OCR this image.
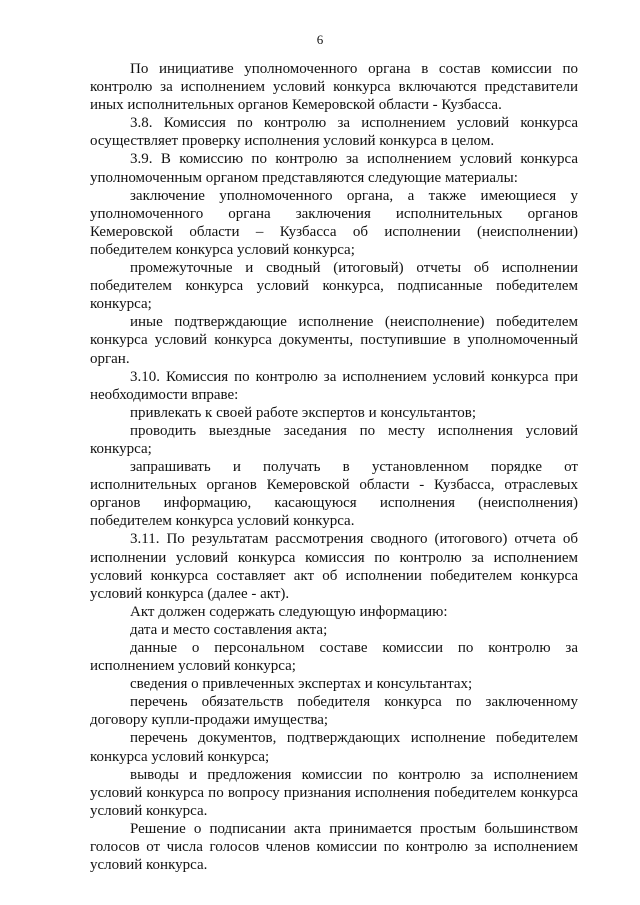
6

По инициативе уполномоченного органа в состав комиссии по контролю за исполнением условий конкурса включаются представители иных исполнительных органов Кемеровской области - Кузбасса.

3.8. Комиссия по контролю за исполнением условий конкурса осуществляет проверку исполнения условий конкурса в целом.

3.9. В комиссию по контролю за исполнением условий конкурса уполномоченным органом представляются следующие материалы:

заключение уполномоченного органа, а также имеющиеся у уполномоченного органа заключения исполнительных органов Кемеровской области – Кузбасса об исполнении (неисполнении) победителем конкурса условий конкурса;

промежуточные и сводный (итоговый) отчеты об исполнении победителем конкурса условий конкурса, подписанные победителем конкурса;

иные подтверждающие исполнение (неисполнение) победителем конкурса условий конкурса документы, поступившие в уполномоченный орган.

3.10. Комиссия по контролю за исполнением условий конкурса при необходимости вправе:

привлекать к своей работе экспертов и консультантов;

проводить выездные заседания по месту исполнения условий конкурса;

запрашивать и получать в установленном порядке от исполнительных органов Кемеровской области - Кузбасса, отраслевых органов информацию, касающуюся исполнения (неисполнения) победителем конкурса условий конкурса.

3.11. По результатам рассмотрения сводного (итогового) отчета об исполнении условий конкурса комиссия по контролю за исполнением условий конкурса составляет акт об исполнении победителем конкурса условий конкурса (далее - акт).

Акт должен содержать следующую информацию:

дата и место составления акта;

данные о персональном составе комиссии по контролю за исполнением условий конкурса;

сведения о привлеченных экспертах и консультантах;

перечень обязательств победителя конкурса по заключенному договору купли-продажи имущества;

перечень документов, подтверждающих исполнение победителем конкурса условий конкурса;

выводы и предложения комиссии по контролю за исполнением условий конкурса по вопросу признания исполнения победителем конкурса условий конкурса.

Решение о подписании акта принимается простым большинством голосов от числа голосов членов комиссии по контролю за исполнением условий конкурса.
